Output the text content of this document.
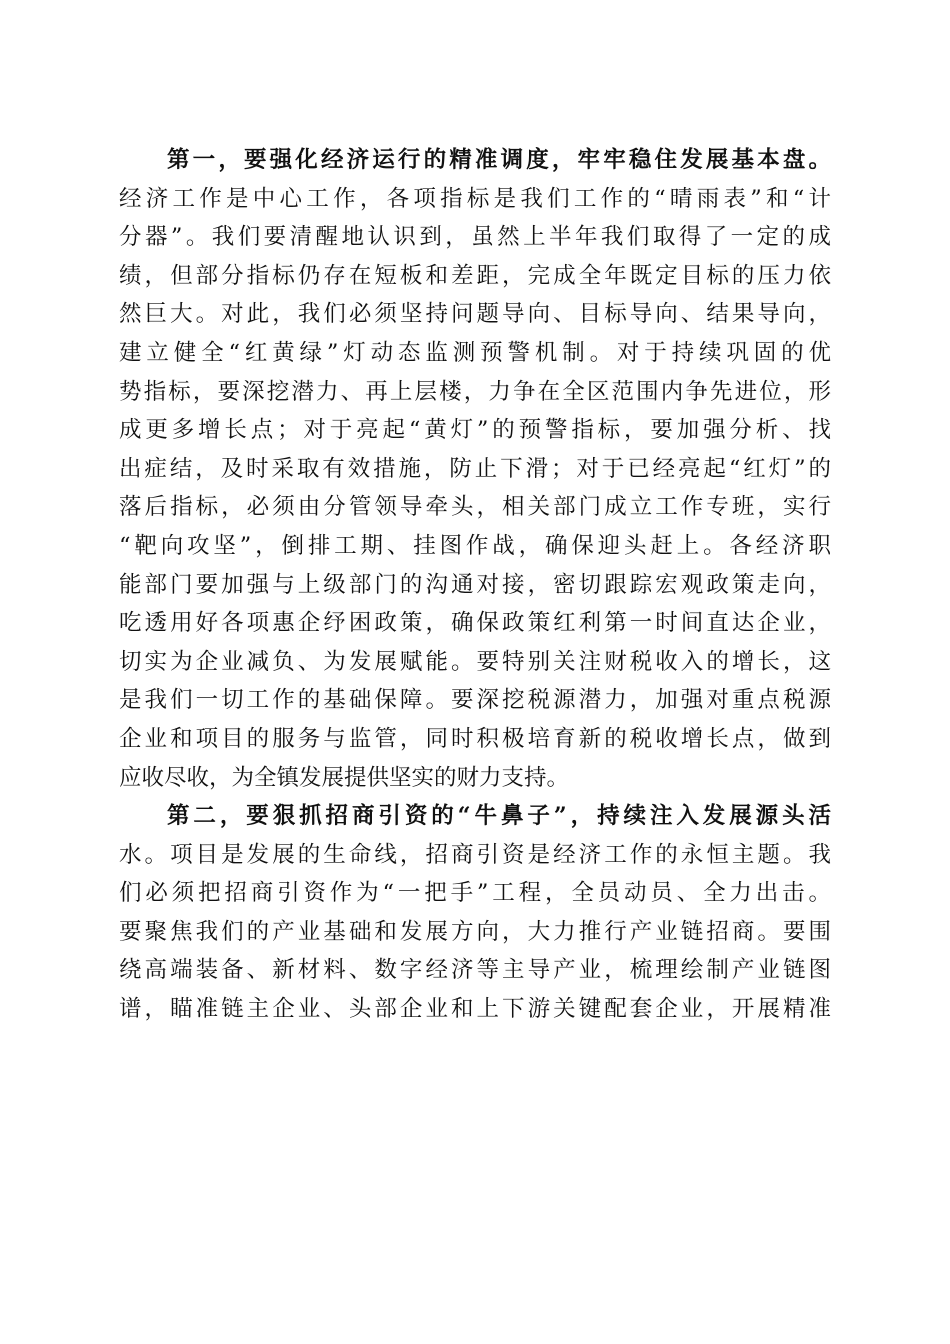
第一，要强化经济运行的精准调度，牢牢稳住发展基本盘。
经济工作是中心工作，各项指标是我们工作的“晴雨表”和“计
分器”。我们要清醒地认识到，虽然上半年我们取得了一定的成
绩，但部分指标仍存在短板和差距，完成全年既定目标的压力依
然巨大。对此，我们必须坚持问题导向、目标导向、结果导向，
建立健全“红黄绿”灯动态监测预警机制。对于持续巩固的优
势指标，要深挖潜力、再上层楼，力争在全区范围内争先进位，形
成更多增长点；对于亮起“黄灯”的预警指标，要加强分析、找
出症结，及时采取有效措施，防止下滑；对于已经亮起“红灯”的
落后指标，必须由分管领导牵头，相关部门成立工作专班，实行
“靶向攻坚”，倒排工期、挂图作战，确保迎头赶上。各经济职
能部门要加强与上级部门的沟通对接，密切跟踪宏观政策走向，
吃透用好各项惠企纾困政策，确保政策红利第一时间直达企业，
切实为企业减负、为发展赋能。要特别关注财税收入的增长，这
是我们一切工作的基础保障。要深挖税源潜力，加强对重点税源
企业和项目的服务与监管，同时积极培育新的税收增长点，做到
应收尽收，为全镇发展提供坚实的财力支持。
第二，要狠抓招商引资的“牛鼻子”，持续注入发展源头活
水。项目是发展的生命线，招商引资是经济工作的永恒主题。我
们必须把招商引资作为“一把手”工程，全员动员、全力出击。
要聚焦我们的产业基础和发展方向，大力推行产业链招商。要围
绕高端装备、新材料、数字经济等主导产业，梳理绘制产业链图
谱，瞄准链主企业、头部企业和上下游关键配套企业，开展精准
